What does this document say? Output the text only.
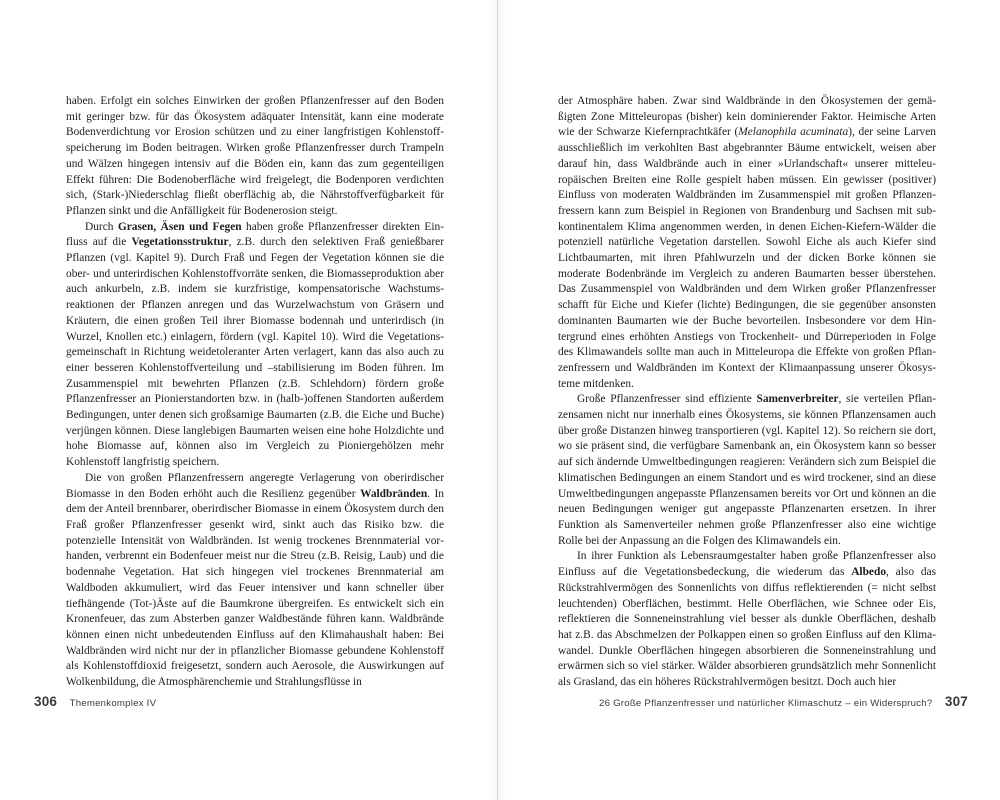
haben. Erfolgt ein solches Einwirken der großen Pflanzenfresser auf den Boden mit geringer bzw. für das Ökosystem adäquater Intensität, kann eine moderate Bodenverdichtung vor Erosion schützen und zu einer langfristigen Kohlenstoffspeicherung im Boden beitragen. Wirken große Pflanzenfresser durch Trampeln und Wälzen hingegen intensiv auf die Böden ein, kann das zum gegenteiligen Effekt führen: Die Bodenoberfläche wird freigelegt, die Bodenporen verdichten sich, (Stark-)Niederschlag fließt oberflächig ab, die Nährstoffverfügbarkeit für Pflanzen sinkt und die Anfälligkeit für Bodenerosion steigt.

Durch Grasen, Äsen und Fegen haben große Pflanzenfresser direkten Einfluss auf die Vegetationsstruktur, z.B. durch den selektiven Fraß genießbarer Pflanzen (vgl. Kapitel 9). Durch Fraß und Fegen der Vegetation können sie die ober- und unterirdischen Kohlenstoffvorräte senken, die Biomasseproduktion aber auch ankurbeln, z.B. indem sie kurzfristige, kompensatorische Wachstumsreaktionen der Pflanzen anregen und das Wurzelwachstum von Gräsern und Kräutern, die einen großen Teil ihrer Biomasse bodennah und unterirdisch (in Wurzel, Knollen etc.) einlagern, fördern (vgl. Kapitel 10). Wird die Vegetationsgemeinschaft in Richtung weidetoleranter Arten verlagert, kann das also auch zu einer besseren Kohlenstoffverteilung und –stabilisierung im Boden führen. Im Zusammenspiel mit bewehrten Pflanzen (z.B. Schlehdorn) fördern große Pflanzenfresser an Pionierstandorten bzw. in (halb-)offenen Standorten außerdem Bedingungen, unter denen sich großsamige Baumarten (z.B. die Eiche und Buche) verjüngen können. Diese langlebigen Baumarten weisen eine hohe Holzdichte und hohe Biomasse auf, können also im Vergleich zu Pioniergehölzen mehr Kohlenstoff langfristig speichern.

Die von großen Pflanzenfressern angeregte Verlagerung von oberirdischer Biomasse in den Boden erhöht auch die Resilienz gegenüber Waldbränden. In dem der Anteil brennbarer, oberirdischer Biomasse in einem Ökosystem durch den Fraß großer Pflanzenfresser gesenkt wird, sinkt auch das Risiko bzw. die potenzielle Intensität von Waldbränden. Ist wenig trockenes Brennmaterial vorhanden, verbrennt ein Bodenfeuer meist nur die Streu (z.B. Reisig, Laub) und die bodennahe Vegetation. Hat sich hingegen viel trockenes Brennmaterial am Waldboden akkumuliert, wird das Feuer intensiver und kann schneller über tiefhängende (Tot-)Äste auf die Baumkrone übergreifen. Es entwickelt sich ein Kronenfeuer, das zum Absterben ganzer Waldbestände führen kann. Waldbrände können einen nicht unbedeutenden Einfluss auf den Klimahaushalt haben: Bei Waldbränden wird nicht nur der in pflanzlicher Biomasse gebundene Kohlenstoff als Kohlenstoffdioxid freigesetzt, sondern auch Aerosole, die Auswirkungen auf Wolkenbildung, die Atmosphärenchemie und Strahlungsflüsse in

der Atmosphäre haben. Zwar sind Waldbrände in den Ökosystemen der gemäßigten Zone Mitteleuropas (bisher) kein dominierender Faktor. Heimische Arten wie der Schwarze Kiefernprachtkäfer (Melanophila acuminata), der seine Larven ausschließlich im verkohlten Bast abgebrannter Bäume entwickelt, weisen aber darauf hin, dass Waldbrände auch in einer »Urlandschaft« unserer mitteleuropäischen Breiten eine Rolle gespielt haben müssen. Ein gewisser (positiver) Einfluss von moderaten Waldbränden im Zusammenspiel mit großen Pflanzenfressern kann zum Beispiel in Regionen von Brandenburg und Sachsen mit subkontinentalem Klima angenommen werden, in denen Eichen-Kiefern-Wälder die potenziell natürliche Vegetation darstellen. Sowohl Eiche als auch Kiefer sind Lichtbaumarten, mit ihren Pfahlwurzeln und der dicken Borke können sie moderate Bodenbrände im Vergleich zu anderen Baumarten besser überstehen. Das Zusammenspiel von Waldbränden und dem Wirken großer Pflanzenfresser schafft für Eiche und Kiefer (lichte) Bedingungen, die sie gegenüber ansonsten dominanten Baumarten wie der Buche bevorteilen. Insbesondere vor dem Hintergrund eines erhöhten Anstiegs von Trockenheit- und Dürreperioden in Folge des Klimawandels sollte man auch in Mitteleuropa die Effekte von großen Pflanzenfressern und Waldbränden im Kontext der Klimaanpassung unserer Ökosysteme mitdenken.

Große Pflanzenfresser sind effiziente Samenverbreiter, sie verteilen Pflanzensamen nicht nur innerhalb eines Ökosystems, sie können Pflanzensamen auch über große Distanzen hinweg transportieren (vgl. Kapitel 12). So reichern sie dort, wo sie präsent sind, die verfügbare Samenbank an, ein Ökosystem kann so besser auf sich ändernde Umweltbedingungen reagieren: Verändern sich zum Beispiel die klimatischen Bedingungen an einem Standort und es wird trockener, sind an diese Umweltbedingungen angepasste Pflanzensamen bereits vor Ort und können an die neuen Bedingungen weniger gut angepasste Pflanzenarten ersetzen. In ihrer Funktion als Samenverteiler nehmen große Pflanzenfresser also eine wichtige Rolle bei der Anpassung an die Folgen des Klimawandels ein.

In ihrer Funktion als Lebensraumgestalter haben große Pflanzenfresser also Einfluss auf die Vegetationsbedeckung, die wiederum das Albedo, also das Rückstrahlvermögen des Sonnenlichts von diffus reflektierenden (= nicht selbst leuchtenden) Oberflächen, bestimmt. Helle Oberflächen, wie Schnee oder Eis, reflektieren die Sonneneinstrahlung viel besser als dunkle Oberflächen, deshalb hat z.B. das Abschmelzen der Polkappen einen so großen Einfluss auf den Klimawandel. Dunkle Oberflächen hingegen absorbieren die Sonneneinstrahlung und erwärmen sich so viel stärker. Wälder absorbieren grundsätzlich mehr Sonnenlicht als Grasland, das ein höheres Rückstrahlvermögen besitzt. Doch auch hier

306 Themenkomplex IV	26 Große Pflanzenfresser und natürlicher Klimaschutz – ein Widerspruch? 307
